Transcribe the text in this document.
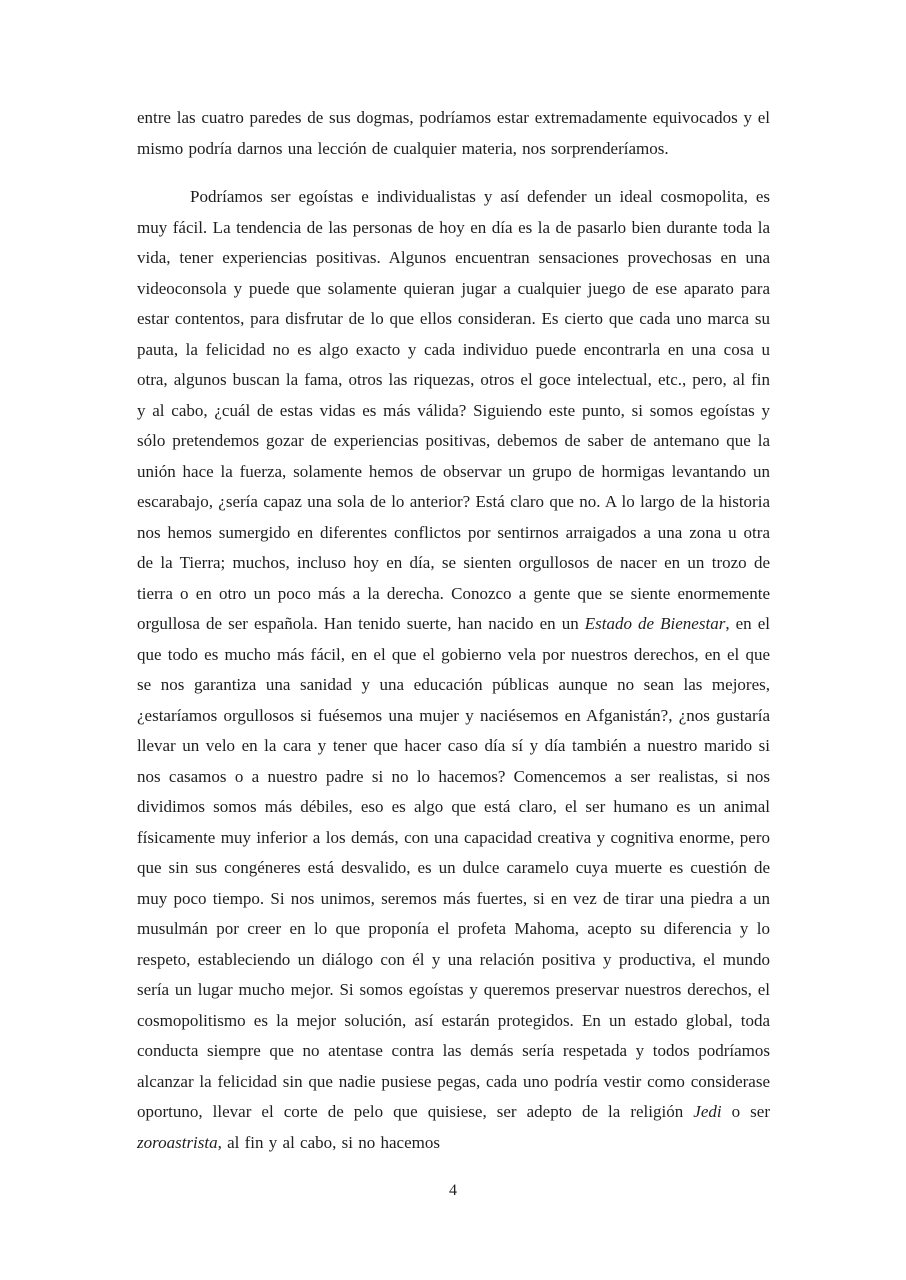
entre las cuatro paredes de sus dogmas, podríamos estar extremadamente equivocados y el mismo podría darnos una lección de cualquier materia, nos sorprenderíamos.

Podríamos ser egoístas e individualistas y así defender un ideal cosmopolita, es muy fácil. La tendencia de las personas de hoy en día es la de pasarlo bien durante toda la vida, tener experiencias positivas. Algunos encuentran sensaciones provechosas en una videoconsola y puede que solamente quieran jugar a cualquier juego de ese aparato para estar contentos, para disfrutar de lo que ellos consideran. Es cierto que cada uno marca su pauta, la felicidad no es algo exacto y cada individuo puede encontrarla en una cosa u otra, algunos buscan la fama, otros las riquezas, otros el goce intelectual, etc., pero, al fin y al cabo, ¿cuál de estas vidas es más válida? Siguiendo este punto, si somos egoístas y sólo pretendemos gozar de experiencias positivas, debemos de saber de antemano que la unión hace la fuerza, solamente hemos de observar un grupo de hormigas levantando un escarabajo, ¿sería capaz una sola de lo anterior? Está claro que no. A lo largo de la historia nos hemos sumergido en diferentes conflictos por sentirnos arraigados a una zona u otra de la Tierra; muchos, incluso hoy en día, se sienten orgullosos de nacer en un trozo de tierra o en otro un poco más a la derecha. Conozco a gente que se siente enormemente orgullosa de ser española. Han tenido suerte, han nacido en un Estado de Bienestar, en el que todo es mucho más fácil, en el que el gobierno vela por nuestros derechos, en el que se nos garantiza una sanidad y una educación públicas aunque no sean las mejores, ¿estaríamos orgullosos si fuésemos una mujer y naciésemos en Afganistán?, ¿nos gustaría llevar un velo en la cara y tener que hacer caso día sí y día también a nuestro marido si nos casamos o a nuestro padre si no lo hacemos? Comencemos a ser realistas, si nos dividimos somos más débiles, eso es algo que está claro, el ser humano es un animal físicamente muy inferior a los demás, con una capacidad creativa y cognitiva enorme, pero que sin sus congéneres está desvalido, es un dulce caramelo cuya muerte es cuestión de muy poco tiempo. Si nos unimos, seremos más fuertes, si en vez de tirar una piedra a un musulmán por creer en lo que proponía el profeta Mahoma, acepto su diferencia y lo respeto, estableciendo un diálogo con él y una relación positiva y productiva, el mundo sería un lugar mucho mejor. Si somos egoístas y queremos preservar nuestros derechos, el cosmopolitismo es la mejor solución, así estarán protegidos. En un estado global, toda conducta siempre que no atentase contra las demás sería respetada y todos podríamos alcanzar la felicidad sin que nadie pusiese pegas, cada uno podría vestir como considerase oportuno, llevar el corte de pelo que quisiese, ser adepto de la religión Jedi o ser zoroastrista, al fin y al cabo, si no hacemos

4
